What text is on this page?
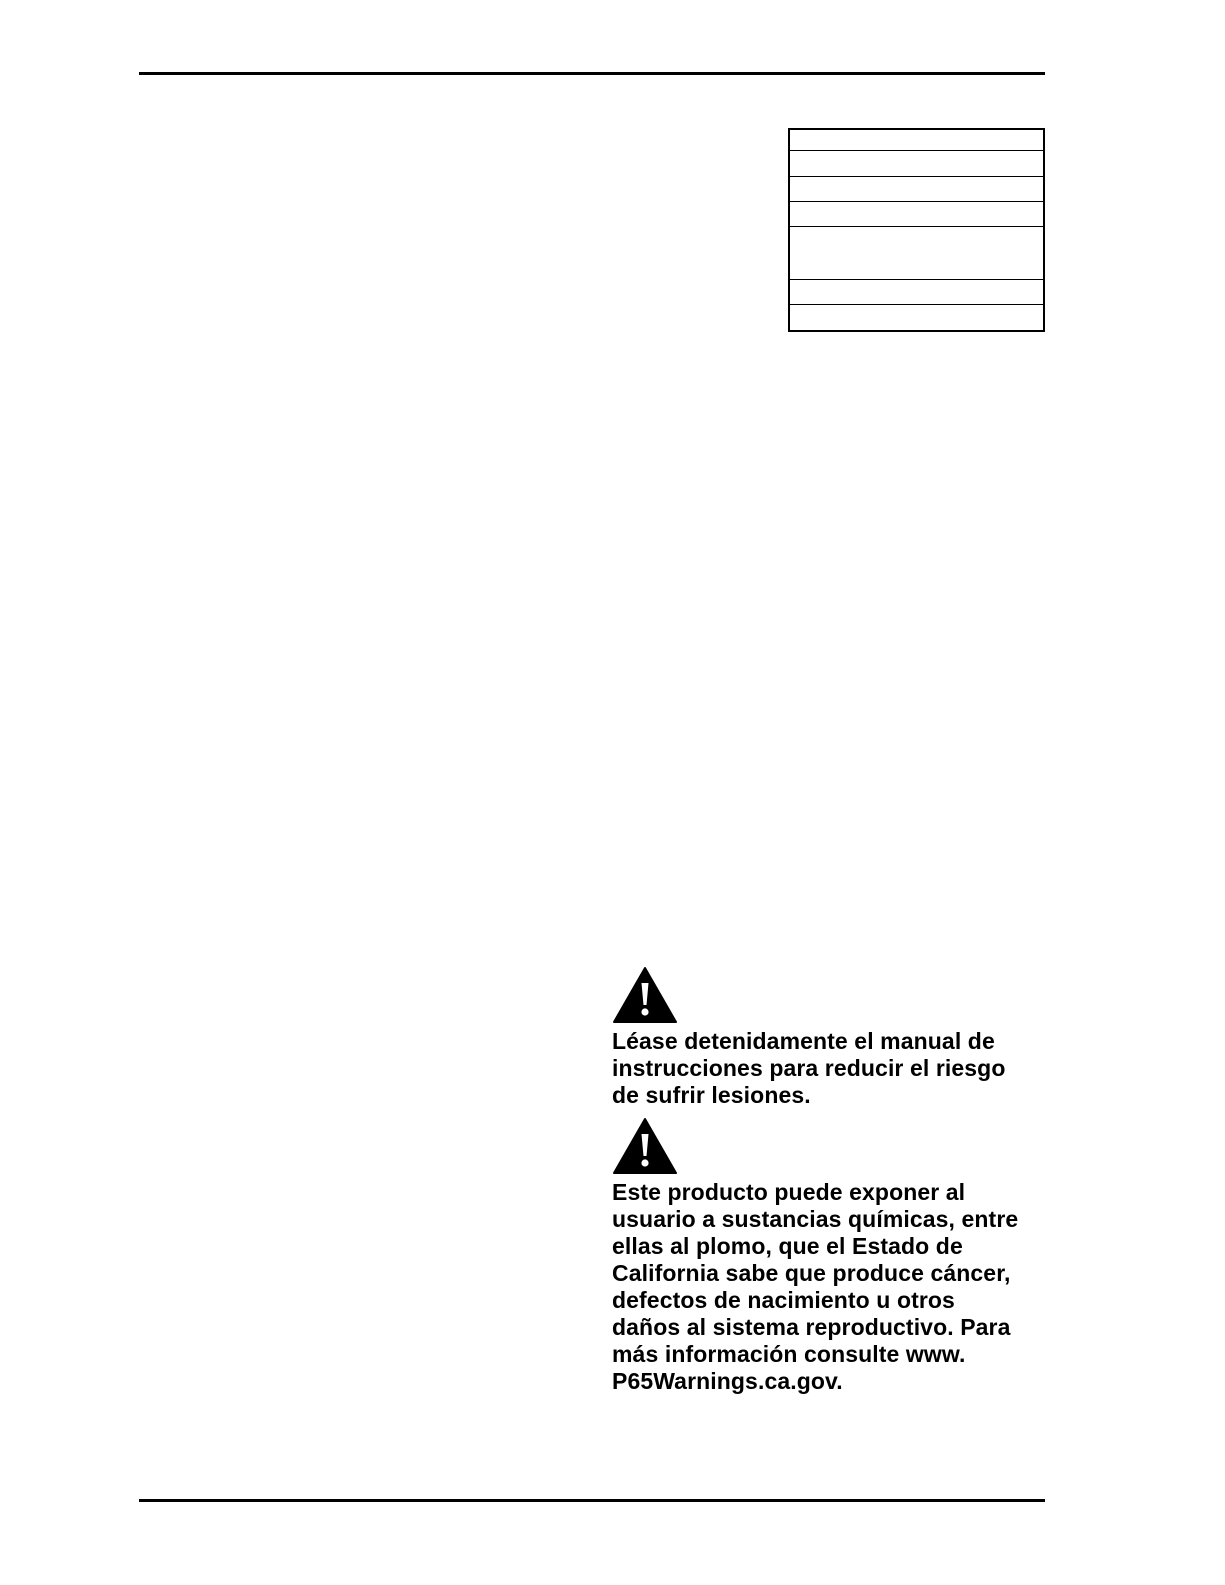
Léase detenidamente el manual de
instrucciones para reducir el riesgo
de sufrir lesiones.

Este producto puede exponer al
usuario a sustancias químicas, entre
ellas al plomo, que el Estado de
California sabe que produce cáncer,
defectos de nacimiento u otros
daños al sistema reproductivo. Para
más información consulte www.
P65Warnings.ca.gov.
